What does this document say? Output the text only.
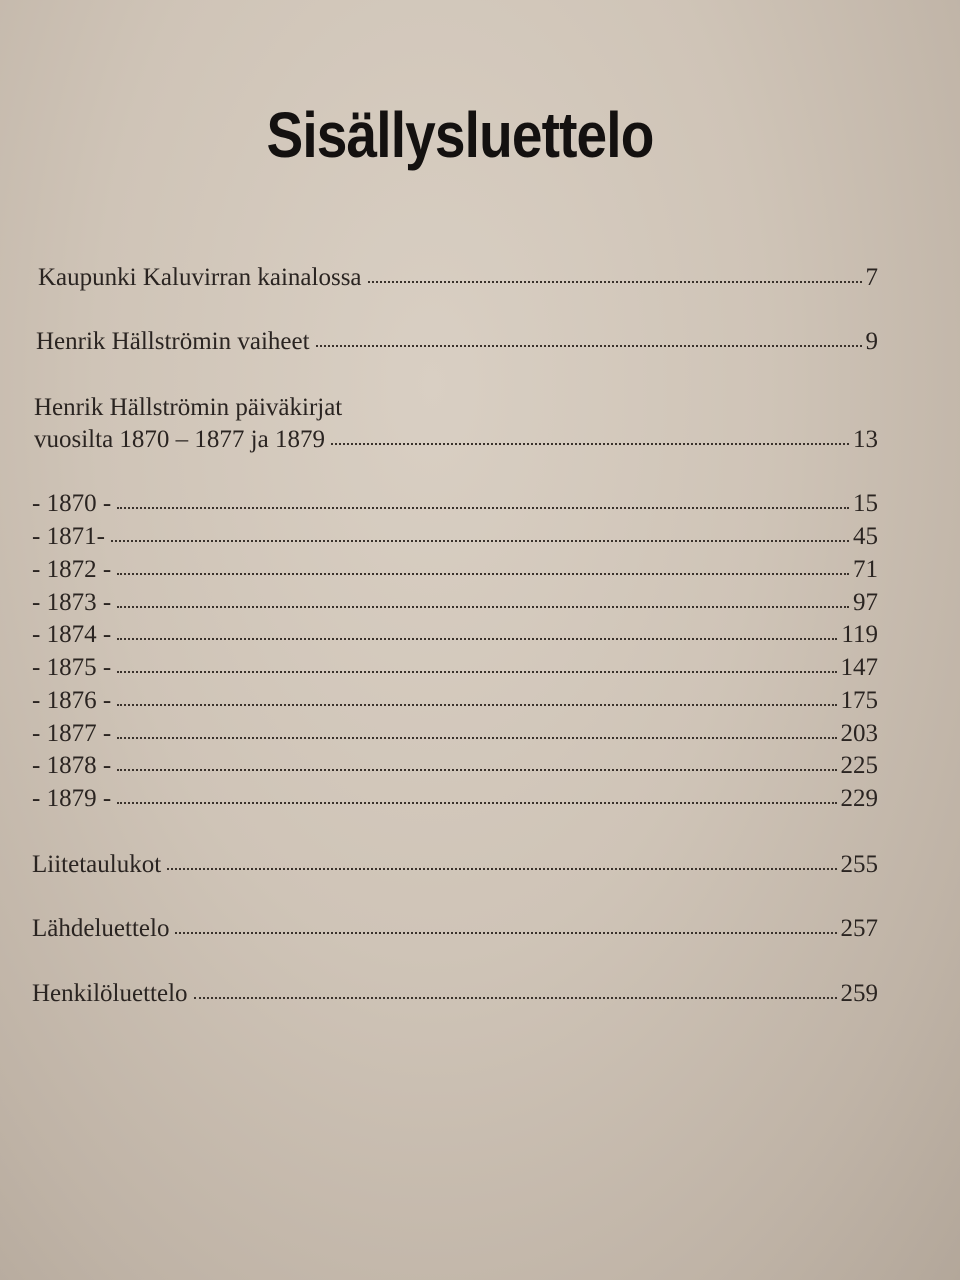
Sisällysluettelo
Kaupunki Kaluvirran kainalossa	7
Henrik Hällströmin vaiheet	9
Henrik Hällströmin päiväkirjat
vuosilta 1870 – 1877 ja 1879	13
- 1870 -	15
- 1871-	45
- 1872 -	71
- 1873 -	97
- 1874 -	119
- 1875 -	147
- 1876 -	175
- 1877 -	203
- 1878 -	225
- 1879 -	229
Liitetaulukot	255
Lähdeluettelo	257
Henkilöluettelo	259
